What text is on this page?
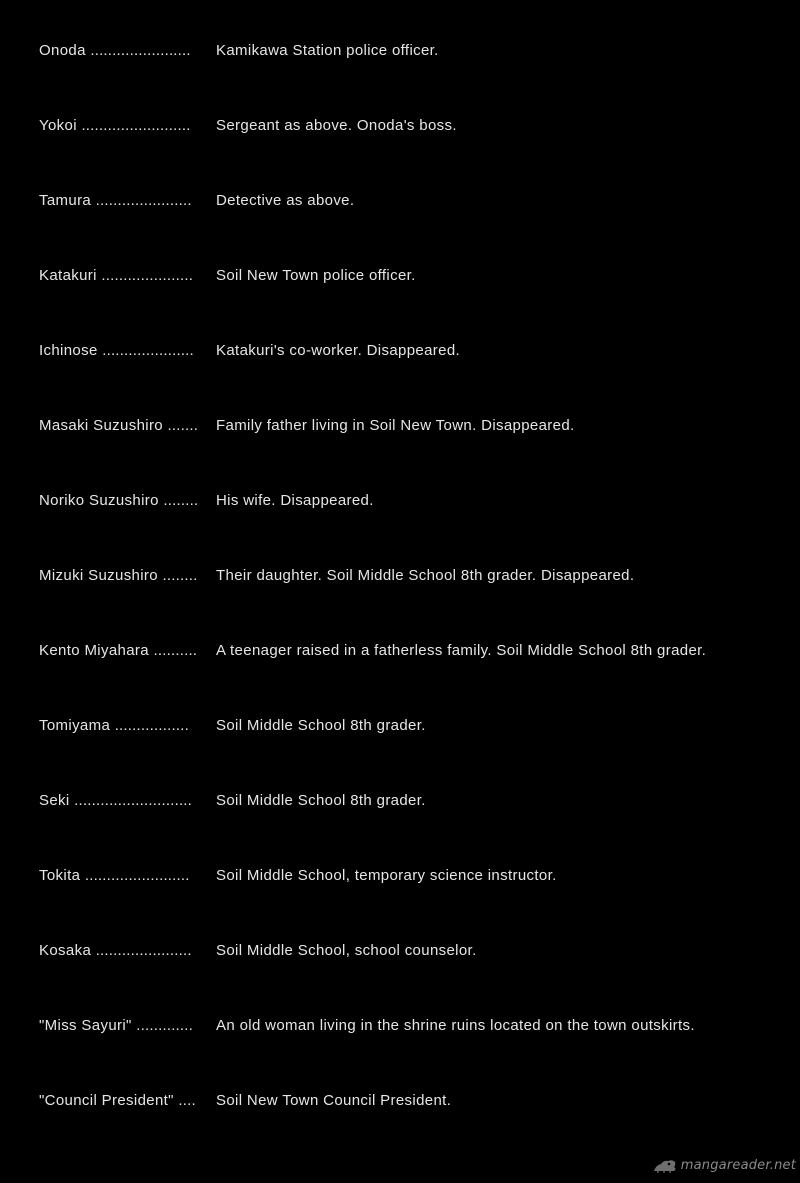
Onoda ....................... Kamikawa Station police officer.
Yokoi ......................... Sergeant as above. Onoda's boss.
Tamura ...................... Detective as above.
Katakuri ..................... Soil New Town police officer.
Ichinose ..................... Katakuri's co-worker. Disappeared.
Masaki Suzushiro ....... Family father living in Soil New Town. Disappeared.
Noriko Suzushiro ........ His wife. Disappeared.
Mizuki Suzushiro ........ Their daughter. Soil Middle School 8th grader. Disappeared.
Kento Miyahara .......... A teenager raised in a fatherless family. Soil Middle School 8th grader.
Tomiyama ................. Soil Middle School 8th grader.
Seki ........................... Soil Middle School 8th grader.
Tokita ........................ Soil Middle School, temporary science instructor.
Kosaka ...................... Soil Middle School, school counselor.
"Miss Sayuri" ............. An old woman living in the shrine ruins located on the town outskirts.
"Council President" .... Soil New Town Council President.
mangareader.net
